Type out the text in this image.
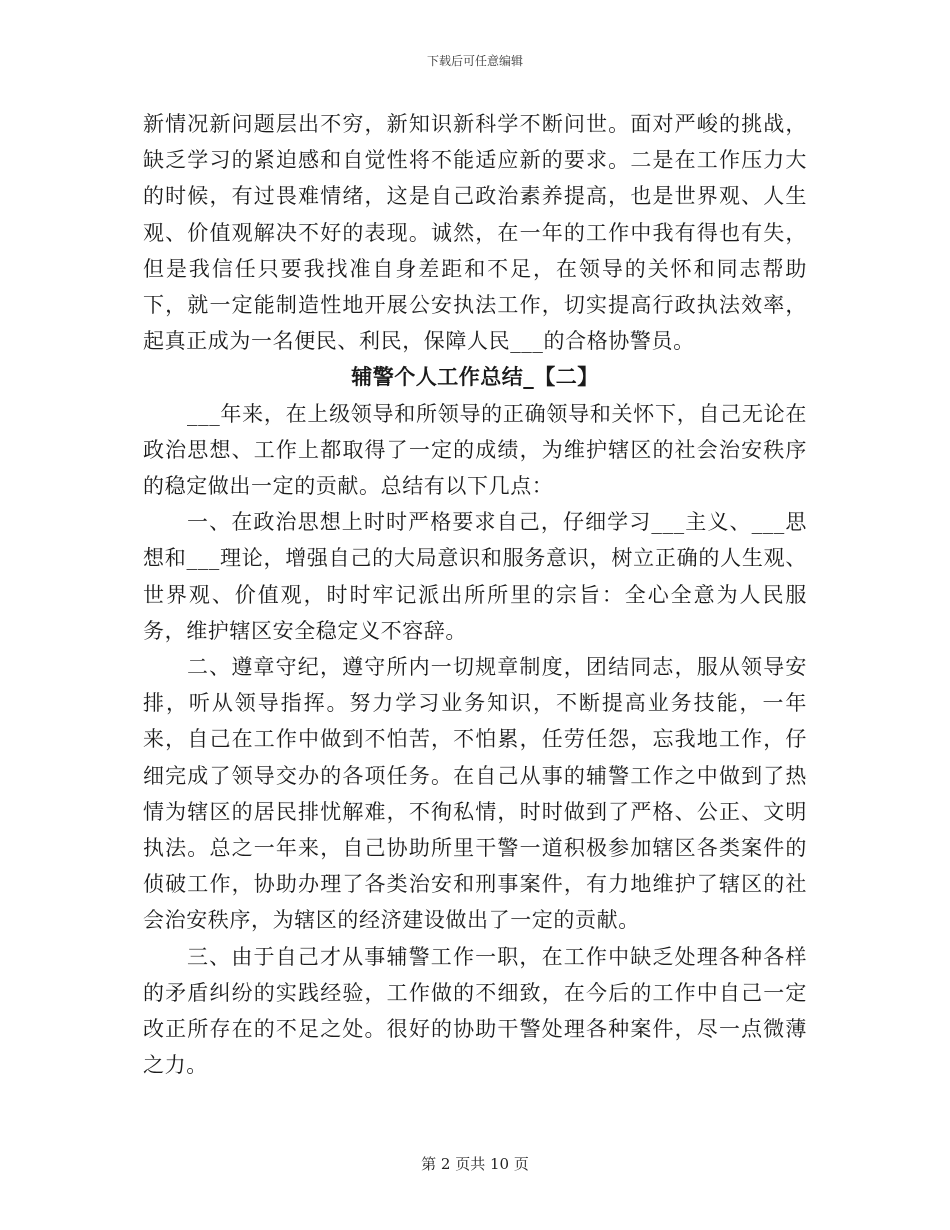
下载后可任意编辑

新情况新问题层出不穷，新知识新科学不断问世。面对严峻的挑战，缺乏学习的紧迫感和自觉性将不能适应新的要求。二是在工作压力大的时候，有过畏难情绪，这是自己政治素养提高，也是世界观、人生观、价值观解决不好的表现。诚然，在一年的工作中我有得也有失，但是我信任只要我找准自身差距和不足，在领导的关怀和同志帮助下，就一定能制造性地开展公安执法工作，切实提高行政执法效率，起真正成为一名便民、利民，保障人民___的合格协警员。

辅警个人工作总结_【二】

___年来，在上级领导和所领导的正确领导和关怀下，自己无论在政治思想、工作上都取得了一定的成绩，为维护辖区的社会治安秩序的稳定做出一定的贡献。总结有以下几点：

一、在政治思想上时时严格要求自己，仔细学习___主义、___思想和___理论，增强自己的大局意识和服务意识，树立正确的人生观、世界观、价值观，时时牢记派出所所里的宗旨：全心全意为人民服务，维护辖区安全稳定义不容辞。

二、遵章守纪，遵守所内一切规章制度，团结同志，服从领导安排，听从领导指挥。努力学习业务知识，不断提高业务技能，一年来，自己在工作中做到不怕苦，不怕累，任劳任怨，忘我地工作，仔细完成了领导交办的各项任务。在自己从事的辅警工作之中做到了热情为辖区的居民排忧解难，不徇私情，时时做到了严格、公正、文明执法。总之一年来，自己协助所里干警一道积极参加辖区各类案件的侦破工作，协助办理了各类治安和刑事案件，有力地维护了辖区的社会治安秩序，为辖区的经济建设做出了一定的贡献。

三、由于自己才从事辅警工作一职，在工作中缺乏处理各种各样的矛盾纠纷的实践经验，工作做的不细致，在今后的工作中自己一定改正所存在的不足之处。很好的协助干警处理各种案件，尽一点微薄之力。

第 2 页共 10 页
